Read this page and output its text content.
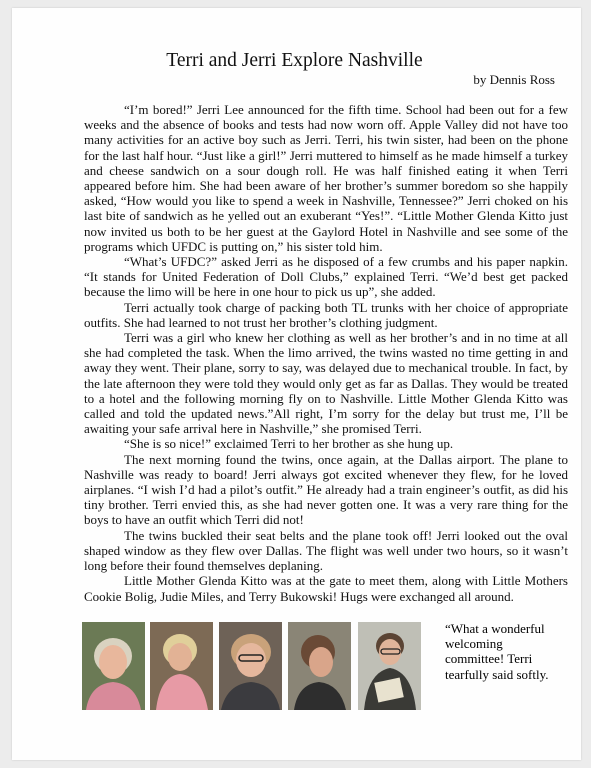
Terri and Jerri Explore Nashville
by Dennis Ross

“I’m bored!” Jerri Lee announced for the fifth time. School had been out for a few weeks and the absence of books and tests had now worn off. Apple Valley did not have too many activities for an active boy such as Jerri. Terri, his twin sister, had been on the phone for the last half hour. “Just like a girl!” Jerri muttered to himself as he made himself a turkey and cheese sandwich on a sour dough roll. He was half finished eating it when Terri appeared before him. She had been aware of her brother’s summer boredom so she happily asked, “How would you like to spend a week in Nashville, Tennessee?” Jerri choked on his last bite of sandwich as he yelled out an exuberant “Yes!”. “Little Mother Glenda Kitto just now invited us both to be her guest at the Gaylord Hotel in Nashville and see some of the programs which UFDC is putting on,” his sister told him.

“What’s UFDC?” asked Jerri as he disposed of a few crumbs and his paper napkin. “It stands for United Federation of Doll Clubs,” explained Terri. “We’d best get packed because the limo will be here in one hour to pick us up”, she added.

Terri actually took charge of packing both TL trunks with her choice of appropriate outfits. She had learned to not trust her brother’s clothing judgment.

Terri was a girl who knew her clothing as well as her brother’s and in no time at all she had completed the task. When the limo arrived, the twins wasted no time getting in and away they went. Their plane, sorry to say, was delayed due to mechanical trouble. In fact, by the late afternoon they were told they would only get as far as Dallas. They would be treated to a hotel and the following morning fly on to Nashville. Little Mother Glenda Kitto was called and told the updated news.”All right, I’m sorry for the delay but trust me, I’ll be awaiting your safe arrival here in Nashville,” she promised Terri.

“She is so nice!” exclaimed Terri to her brother as she hung up.

The next morning found the twins, once again, at the Dallas airport. The plane to Nashville was ready to board! Jerri always got excited whenever they flew, for he loved airplanes. “I wish I’d had a pilot’s outfit.” He already had a train engineer’s outfit, as did his tiny brother. Terri envied this, as she had never gotten one. It was a very rare thing for the boys to have an outfit which Terri did not!

The twins buckled their seat belts and the plane took off! Jerri looked out the oval shaped window as they flew over Dallas. The flight was well under two hours, so it wasn’t long before their found themselves deplaning.

Little Mother Glenda Kitto was at the gate to meet them, along with Little Mothers Cookie Bolig, Judie Miles, and Terry Bukowski! Hugs were exchanged all around.

“What a wonderful welcoming committee! Terri tearfully said softly.
